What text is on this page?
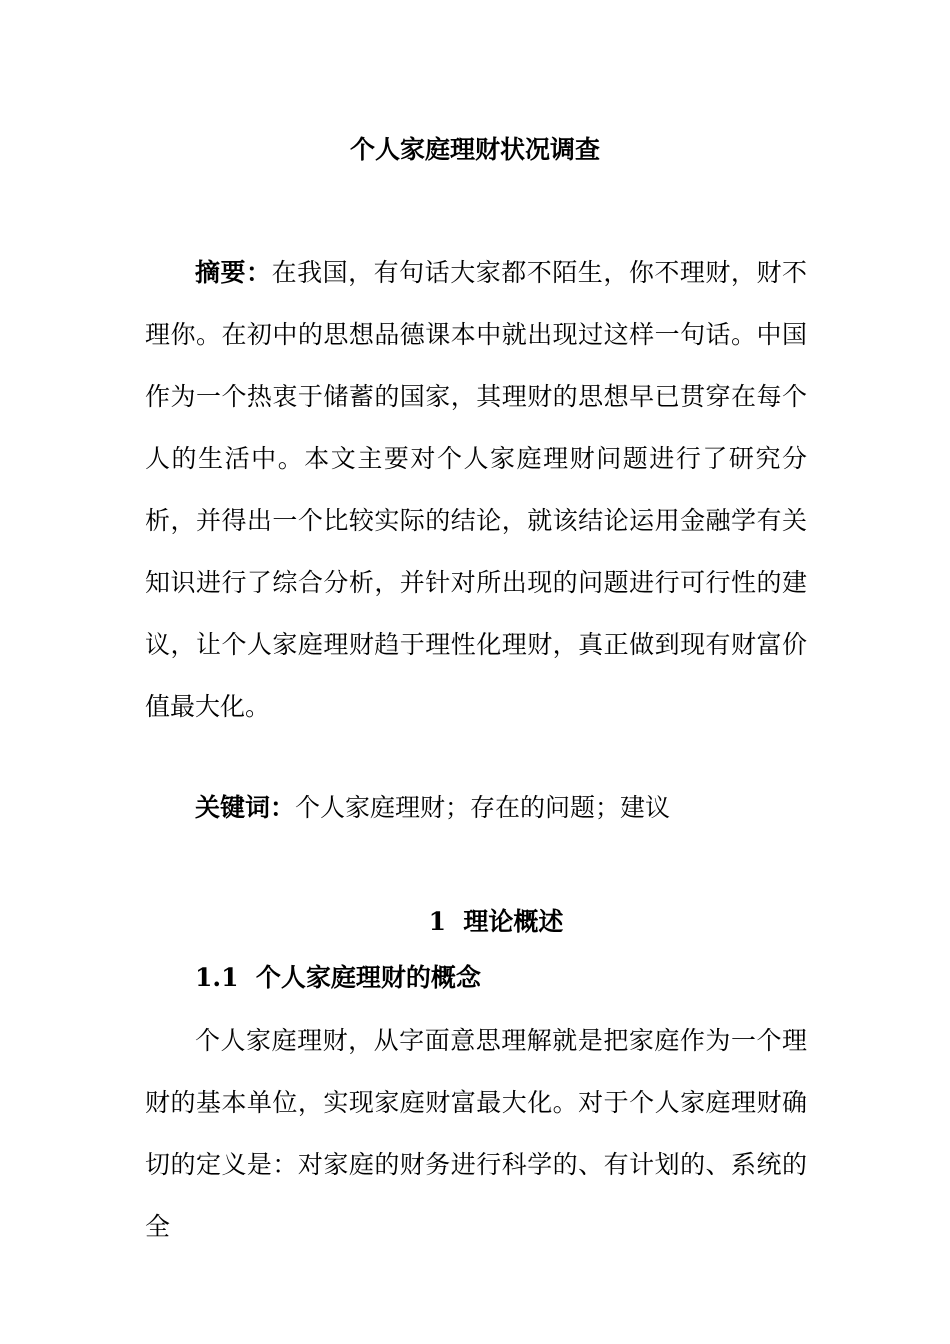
个人家庭理财状况调查

摘要：在我国，有句话大家都不陌生，你不理财，财不理你。在初中的思想品德课本中就出现过这样一句话。中国作为一个热衷于储蓄的国家，其理财的思想早已贯穿在每个人的生活中。本文主要对个人家庭理财问题进行了研究分析，并得出一个比较实际的结论，就该结论运用金融学有关知识进行了综合分析，并针对所出现的问题进行可行性的建议，让个人家庭理财趋于理性化理财，真正做到现有财富价值最大化。

关键词：个人家庭理财；存在的问题；建议

1  理论概述
1.1  个人家庭理财的概念

个人家庭理财，从字面意思理解就是把家庭作为一个理财的基本单位，实现家庭财富最大化。对于个人家庭理财确切的定义是：对家庭的财务进行科学的、有计划的、系统的全
